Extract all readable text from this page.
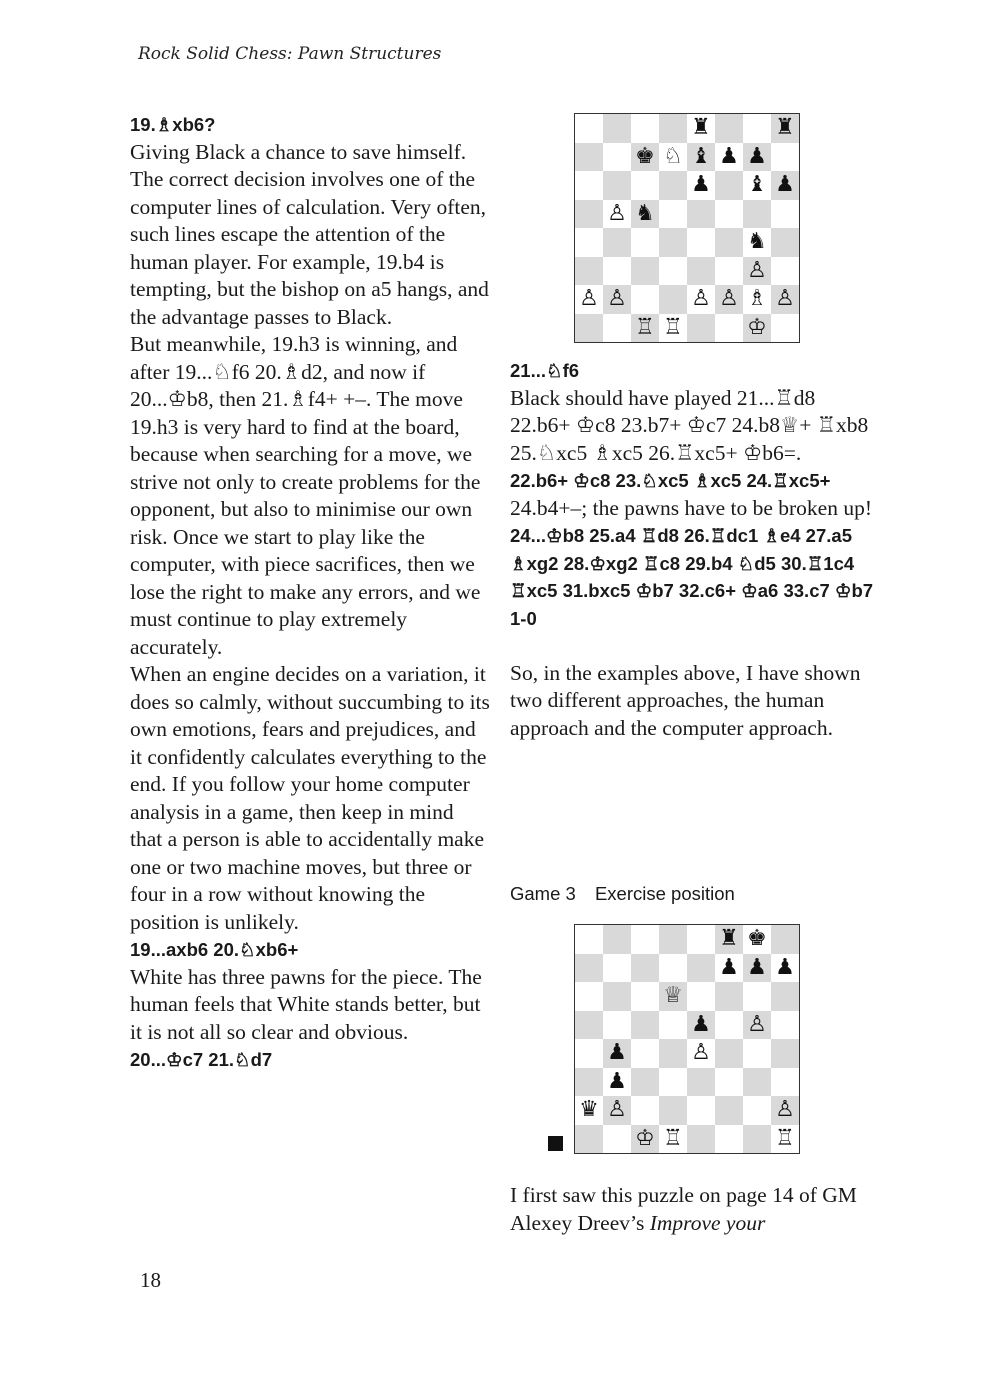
Rock Solid Chess: Pawn Structures
19.♗xb6?
Giving Black a chance to save himself. The correct decision involves one of the computer lines of calculation. Very often, such lines escape the attention of the human player. For example, 19.b4 is tempting, but the bishop on a5 hangs, and the advantage passes to Black.
But meanwhile, 19.h3 is winning, and after 19...♘f6 20.♗d2, and now if 20...♔b8, then 21.♗f4+ +–. The move 19.h3 is very hard to find at the board, because when searching for a move, we strive not only to create problems for the opponent, but also to minimise our own risk. Once we start to play like the computer, with piece sacrifices, then we lose the right to make any errors, and we must continue to play extremely accurately.
When an engine decides on a variation, it does so calmly, without succumbing to its own emotions, fears and prejudices, and it confidently calculates everything to the end. If you follow your home computer analysis in a game, then keep in mind that a person is able to accidentally make one or two machine moves, but three or four in a row without knowing the position is unlikely.
19...axb6 20.♘xb6+
White has three pawns for the piece. The human feels that White stands better, but it is not all so clear and obvious.
20...♔c7 21.♘d7
♜	♜
♚ ♘ ♝ ♟ ♟
♟ ♝ ♟
♙ ♞
♞
♙
♙ ♙	♙ ♙ ♗ ♙
♖ ♖	♔
21...♘f6
Black should have played 21...♖d8 22.b6+ ♔c8 23.b7+ ♔c7 24.b8♕+ ♖xb8 25.♘xc5 ♗xc5 26.♖xc5+ ♔b6=.
22.b6+ ♔c8 23.♘xc5 ♗xc5 24.♖xc5+
24.b4+–; the pawns have to be broken up!
24...♔b8 25.a4 ♖d8 26.♖dc1 ♗e4 27.a5 ♗xg2 28.♔xg2 ♖c8 29.b4 ♘d5 30.♖1c4 ♖xc5 31.bxc5 ♔b7 32.c6+ ♔a6 33.c7 ♔b7 1-0
So, in the examples above, I have shown two different approaches, the human approach and the computer approach.
Game 3 Exercise position
♜ ♚
♟ ♟ ♟
♕
♟ ♙
♟	♙
♟
♛ ♙	♙
♔ ♖	♖
I first saw this puzzle on page 14 of GM Alexey Dreev’s Improve your
18
